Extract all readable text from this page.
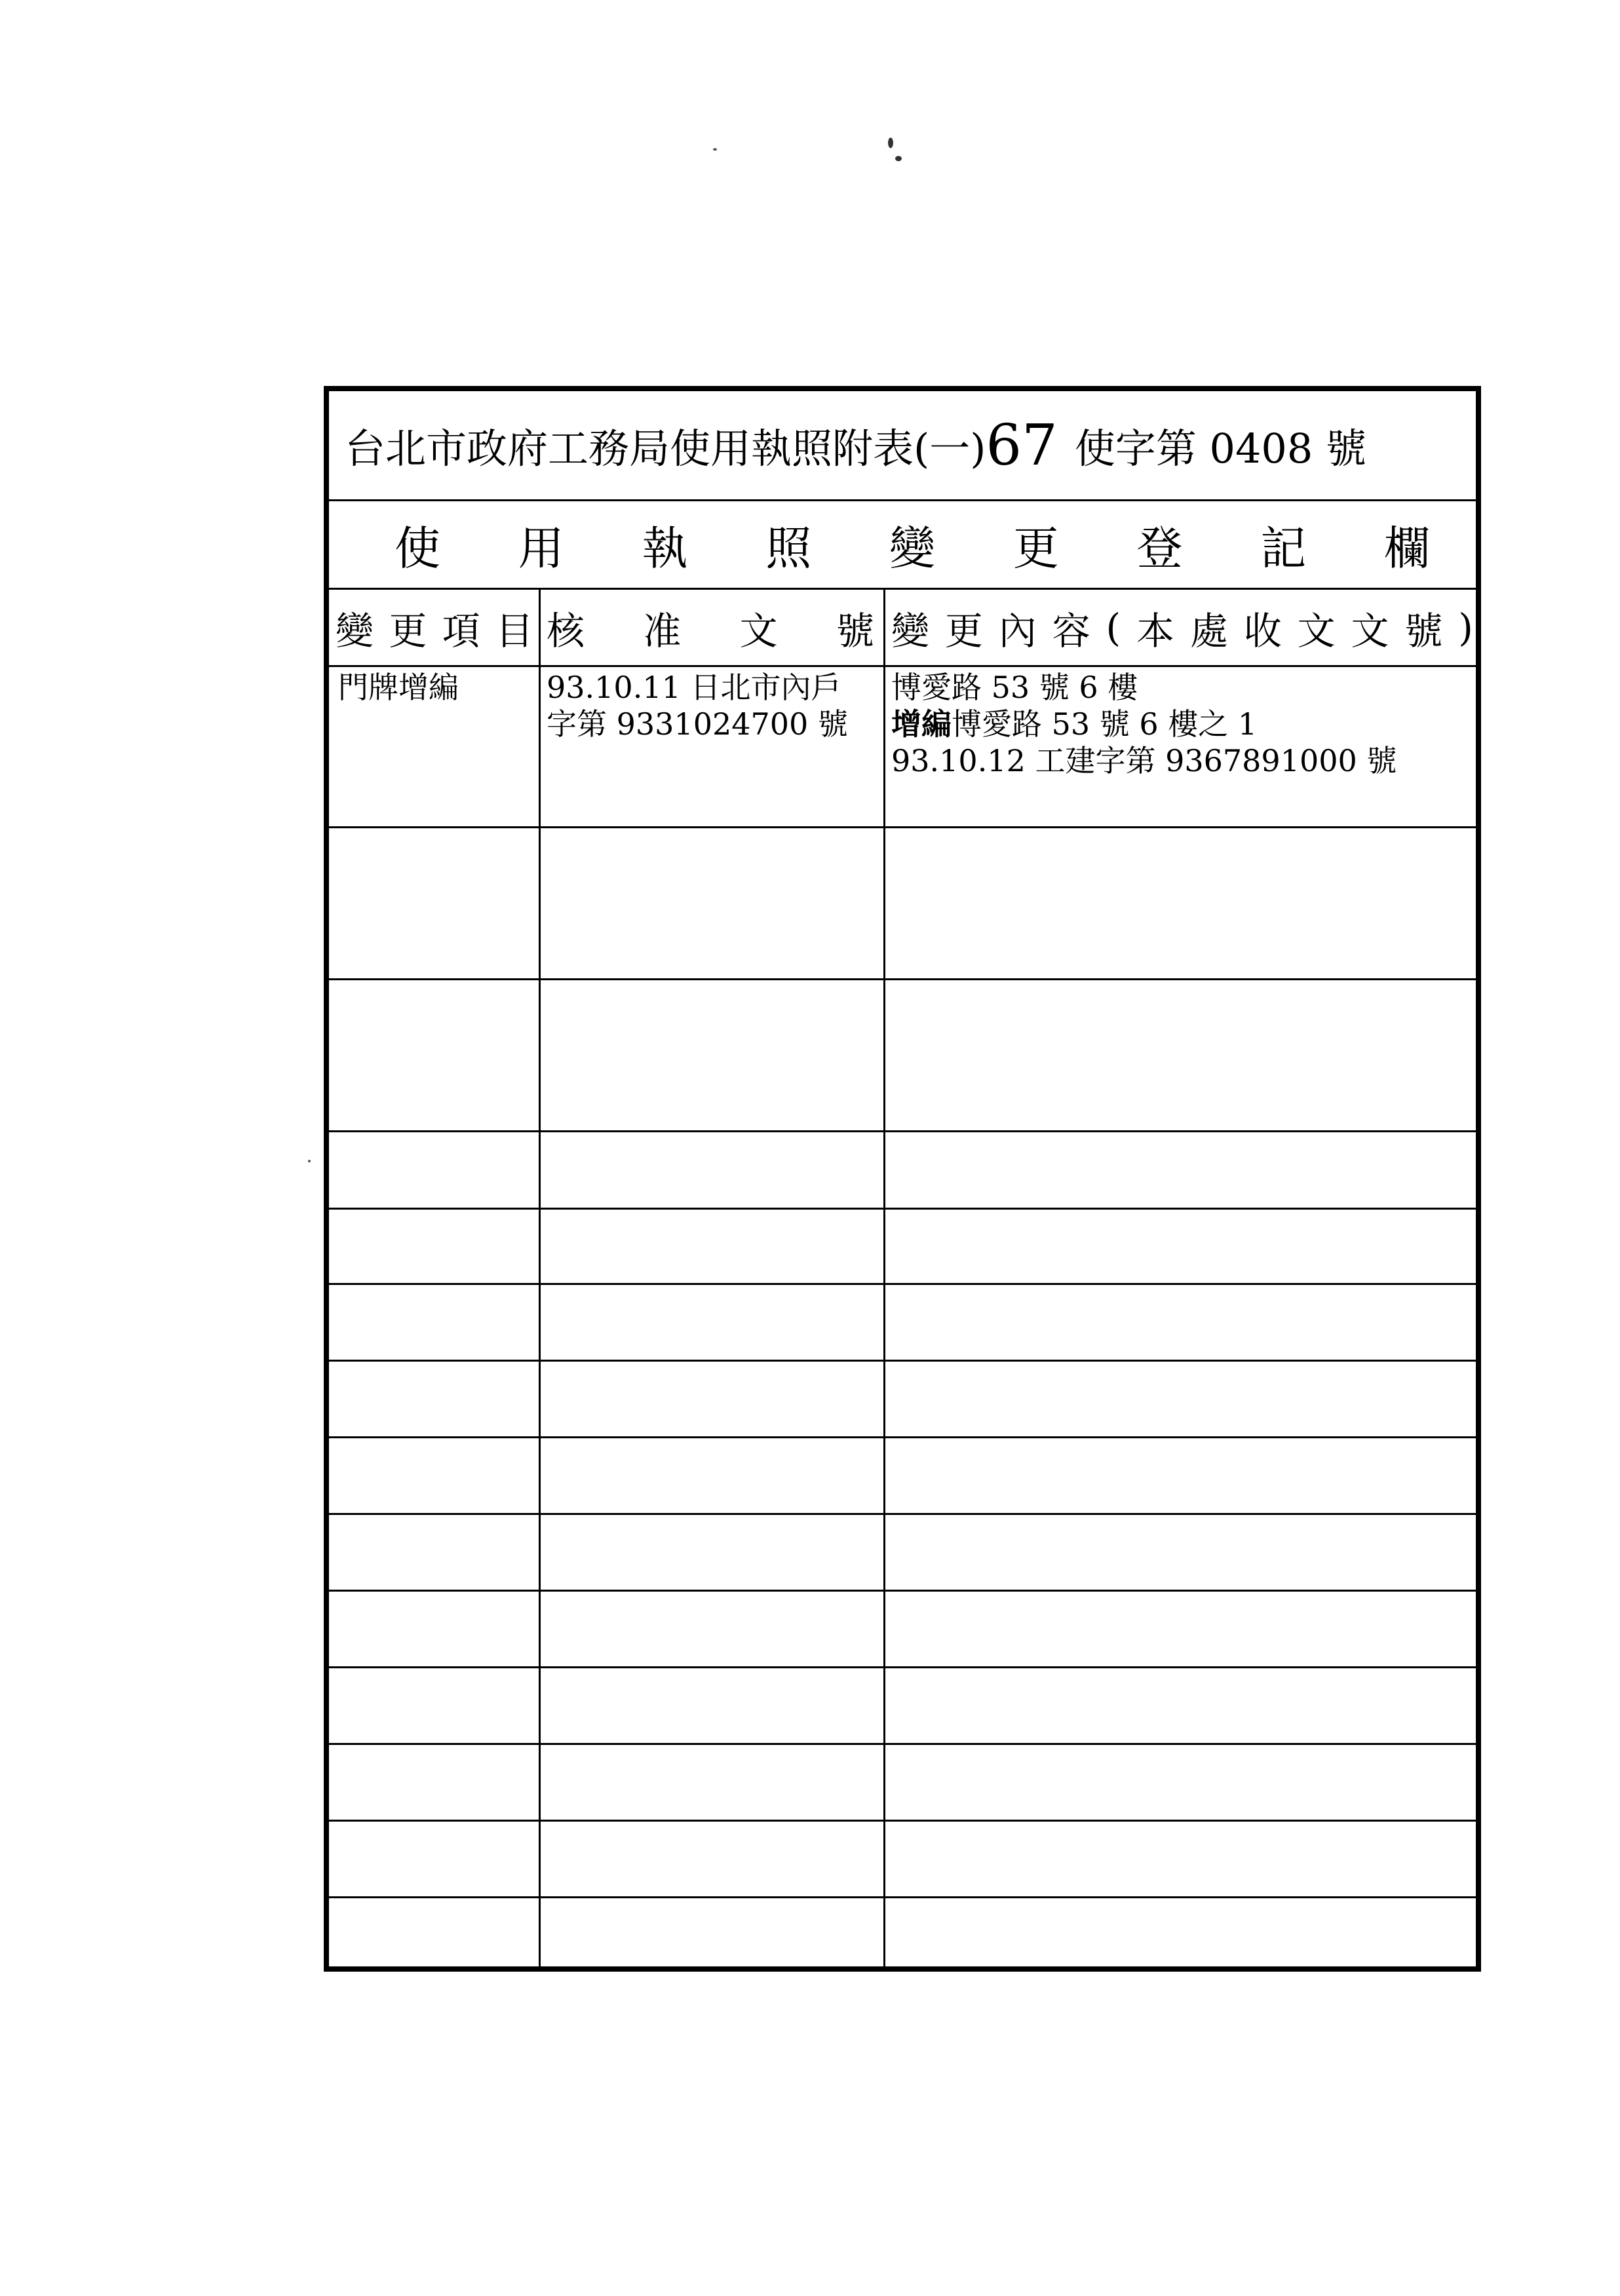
台北市政府工務局使用執照附表(一) 67 使字第 0408 號
使 用 執 照 變 更 登 記 欄
變 更 項 目 核 准 文 號 變 更 內 容 ( 本 處 收 文 文 號 )
門牌增編	93.10.11 日北市內戶
字第 9331024700 號
博愛路 53 號 6 樓
增編博愛路 53 號 6 樓之 1
93.10.12 工建字第 9367891000 號
